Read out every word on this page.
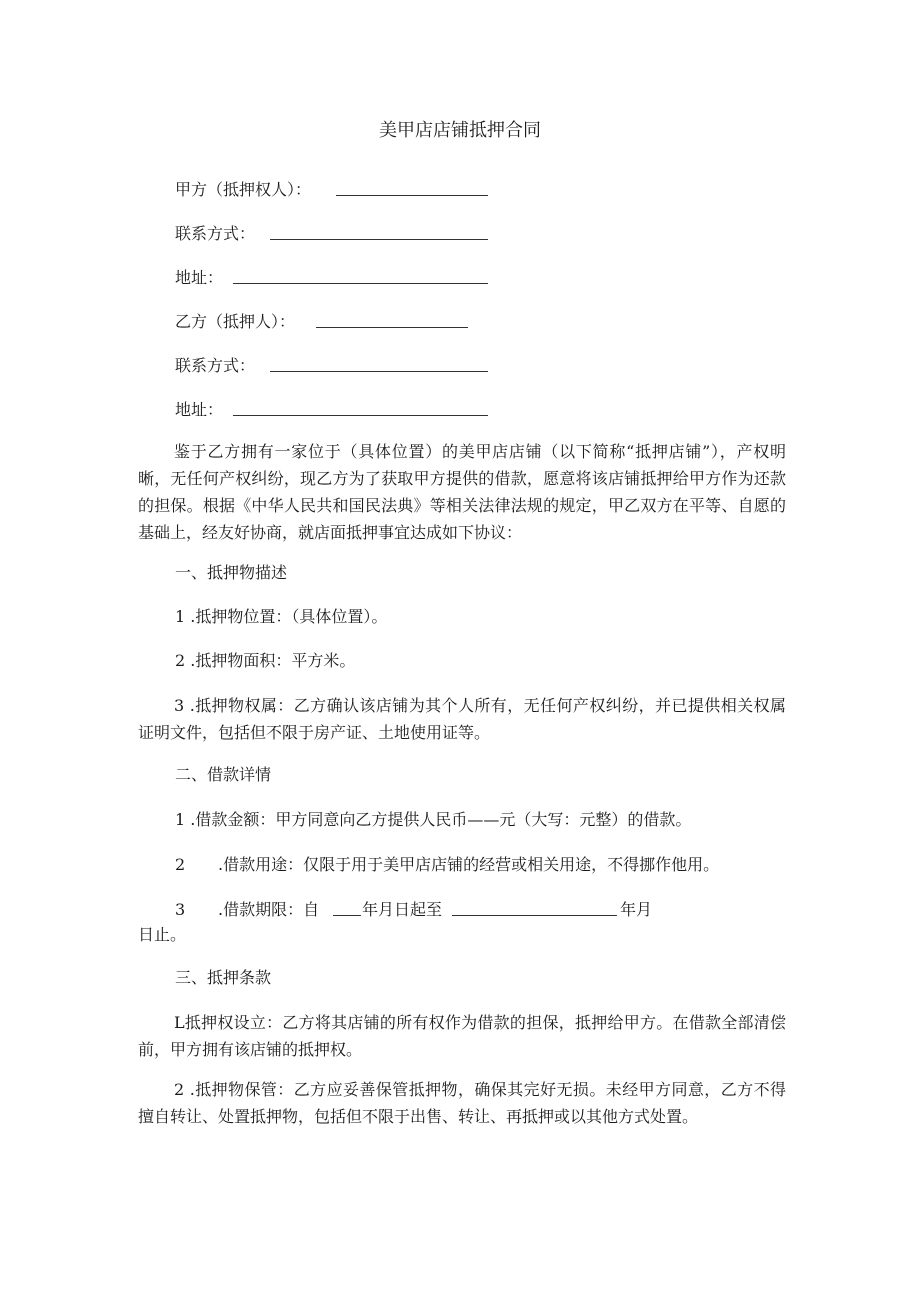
美甲店店铺抵押合同
甲方（抵押权人）：
联系方式：
地址：
乙方（抵押人）：
联系方式：
地址：
鉴于乙方拥有一家位于（具体位置）的美甲店店铺（以下简称“抵押店铺”），产权明晰，无任何产权纠纷，现乙方为了获取甲方提供的借款，愿意将该店铺抵押给甲方作为还款的担保。根据《中华人民共和国民法典》等相关法律法规的规定，甲乙双方在平等、自愿的基础上，经友好协商，就店面抵押事宜达成如下协议：
一、抵押物描述
1 .抵押物位置：（具体位置）。
2 .抵押物面积：平方米。
3 .抵押物权属：乙方确认该店铺为其个人所有，无任何产权纠纷，并已提供相关权属证明文件，包括但不限于房产证、土地使用证等。
二、借款详情
1 .借款金额：甲方同意向乙方提供人民币——元（大写：元整）的借款。
2 .借款用途：仅限于用于美甲店店铺的经营或相关用途，不得挪作他用。
3 .借款期限：自	年月日起至	年月
日止。
三、抵押条款
L抵押权设立：乙方将其店铺的所有权作为借款的担保，抵押给甲方。在借款全部清偿前，甲方拥有该店铺的抵押权。
2 .抵押物保管：乙方应妥善保管抵押物，确保其完好无损。未经甲方同意，乙方不得擅自转让、处置抵押物，包括但不限于出售、转让、再抵押或以其他方式处置。
